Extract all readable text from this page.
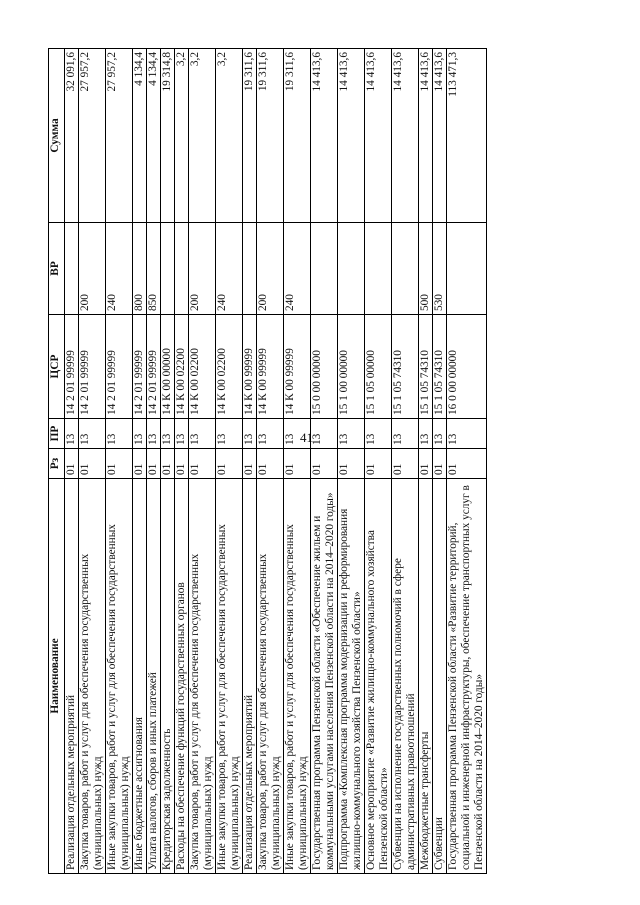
41
Наименование	Рз	ПР	ЦСР	ВР	Сумма
Реализация отдельных мероприятий	01	13	14 2 01 99999		32 091,6
Закупка товаров, работ и услуг для обеспечения государственных (муниципальных) нужд	01	13	14 2 01 99999	200	27 957,2
Иные закупки товаров, работ и услуг для обеспечения государственных (муниципальных) нужд	01	13	14 2 01 99999	240	27 957,2
Иные бюджетные ассигнования	01	13	14 2 01 99999	800	4 134,4
Уплата налогов, сборов и иных платежей	01	13	14 2 01 99999	850	4 134,4
Кредиторская задолженность	01	13	14 К 00 00000		19 314,8
Расходы на обеспечение функций государственных органов	01	13	14 К 00 02200		3,2
Закупка товаров, работ и услуг для обеспечения государственных (муниципальных) нужд	01	13	14 К 00 02200	200	3,2
Иные закупки товаров, работ и услуг для обеспечения государственных (муниципальных) нужд	01	13	14 К 00 02200	240	3,2
Реализация отдельных мероприятий	01	13	14 К 00 99999		19 311,6
Закупка товаров, работ и услуг для обеспечения государственных (муниципальных) нужд	01	13	14 К 00 99999	200	19 311,6
Иные закупки товаров, работ и услуг для обеспечения государственных (муниципальных) нужд	01	13	14 К 00 99999	240	19 311,6
Государственная программа Пензенской области «Обеспечение жильем и коммунальными услугами населения Пензенской области на 2014–2020 годы»	01	13	15 0 00 00000		14 413,6
Подпрограмма «Комплексная программа модернизации и реформирования жилищно-коммунального хозяйства Пензенской области»	01	13	15 1 00 00000		14 413,6
Основное мероприятие «Развитие жилищно-коммунального хозяйства Пензенской области»	01	13	15 1 05 00000		14 413,6
Субвенции на исполнение государственных полномочий в сфере административных правоотношений	01	13	15 1 05 74310		14 413,6
Межбюджетные трансферты	01	13	15 1 05 74310	500	14 413,6
Субвенции	01	13	15 1 05 74310	530	14 413,6
Государственная программа Пензенской области «Развитие территорий, социальной и инженерной инфраструктуры, обеспечение транспортных услуг в Пензенской области на 2014–2020 годы»	01	13	16 0 00 00000		113 471,3
